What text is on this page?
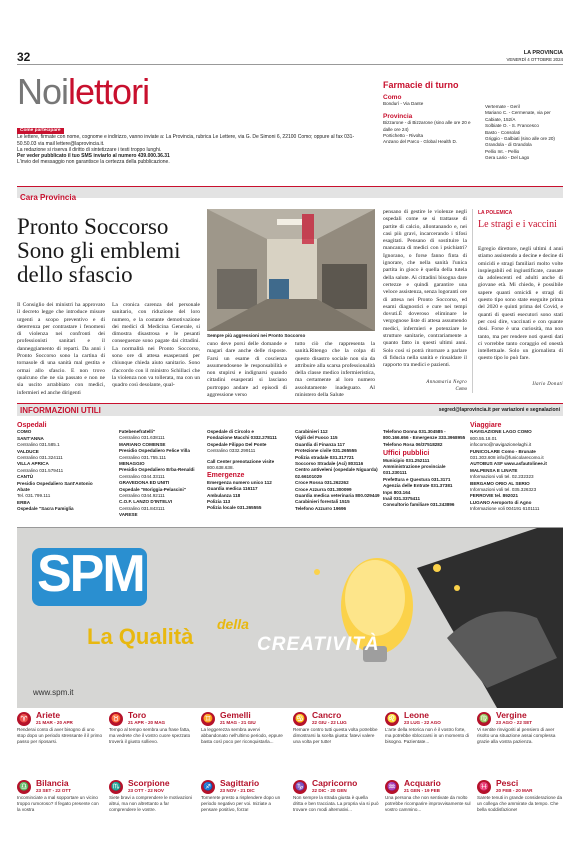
32	LA PROVINCIA
VENERDÌ 4 OTTOBRE 2024
Noilettori
Come partecipare
Le lettere, firmate con nome, cognome e indirizzo, vanno inviate a: La Provincia, rubrica Le Lettere, via G. De Simoni 6, 22100 Como; oppure al fax 031-50.50.03 via mail lettere@laprovincia.it.
La redazione si riserva il diritto di sintetizzare i testi troppo lunghi.
Per veder pubblicato il tuo SMS inviarlo al numero 439.000.36.31
L'invio del messaggio non garantisce la certezza della pubblicazione.
Farmacie di turno
Como
Bondurì - Via Dante
Provincia
Bizzarone - di Bizzarone (sino alle ore 20 e dalle ore 24)
Portichetto - Rivolta
Anzano del Parco - Global Health D.
Vertemate - Geril
Mariano C. - Cermenate, via per Cabiate, 152/A
Solbiate O. - S. Francesco
Basto - Consolati
Griggio - Galbiati (sino alle ore 20)
Grandola - di Grandola
Pellio Int. - Pellio
Gera Lario - Del Lago
Cara Provincia
Pronto Soccorso Sono gli emblemi dello sfascio
Sempre più aggressioni nei Pronto Soccorso

Il Consiglio dei ministri ha approvato il decreto legge che introduce misure urgenti a scopo preventivo e di deterrenza per contrastare i fenomeni di violenza nei confronti dei professionisti sanitari e il danneggiamento di reparti. Da anni i Pronto Soccorso sono la cartina di tornasole di una sanità mal gestita e ormai allo sfascio. E non trovo qualcuno che ne sia passato e non ne sia uscito arrabbiato con medici, infermieri ed anche dirigenti

La cronica carenza del personale sanitario, con riduzione del loro numero, e la costante demotivazione dei medici di Medicina Generale, si dimostra disastrosa e le pesanti conseguenze sono pagate dai cittadini. La normalità nei Pronto Soccorso, sono ore di attesa esasperanti per chiunque chieda aiuto sanitario. Sono d'accordo con il ministro Schillaci che la violenza non va tollerata, ma con un quadro così desolante, qual-

cuno deve porsi delle domande e magari dare anche delle risposte. Farsi un esame di coscienza assumendosene le responsabilità e non stupirsi e indignarsi quando cittadini esasperati si lasciano purtroppo andare ad episodi di aggressione verso

tutto ciò che rappresenta la sanità.Ritengo che la colpa di questo disastro sociale non sia da attribuire alla scarsa professionalità della classe medico infermieristica, ma certamente al loro numero assolutamente inadeguato. Al ministero della Salute

pensano di gestire le violenze negli ospedali come se si trattasse di partite di calcio, allontanando e, nei casi più gravi, incarcerando i tifosi esagitati. Pensano di sostituire la mancanza di medici con i psichiatri? Ignorano, o forse fanno finta di ignorare, che nella sanità l'unica partita in gioco è quella della tutela della salute. Ai cittadini bisogna dare certezze e quindi garantire una veloce assistenza, senza logoranti ore di attesa nei Pronto Soccorso, ed esami diagnostici e cure nei tempi dovuti.È doveroso eliminare le vergognose liste di attesa assumendo medici, infermieri e potenziare le strutture sanitarie, contrariamente a quanto fatto in questi ultimi anni. Solo così si potrà ritornare a parlare di fiducia nella sanità e rinsaldare il rapporto tra medici e pazienti.

Annamaria Negro
Como
LA POLEMICA
Le stragi e i vaccini

Egregio direttore, negli ultimi 4 anni stiamo assistendo a decine e decine di omicidi e stragi familiari molto volte inspiegabili ed ingiustificate, causate da adolescenti ed adulti anche di giovane età. Mi chiedo, è possibile sapere quanti omicidi e stragi di questo tipo sono state eseguite prima del 2020 e quinti prima del Covid, e quanti di questi esecutori sono stati per così dire, vaccinati e con quante dosi. Forse è una curiosità, ma non tanto, ma per rendere noti questi dati ci vorrebbe tanto coraggio ed onestà intellettuale. Solo un giornalista di questo tipo lo può fare.

Ilario Donati
INFORMAZIONI UTILI	segred@laprovincia.it per variazioni e segnalazioni
Ospedali
COMO
SANT'ANNA
Centralino 031.585.1
VALDUCE
Centralino 031.324111
VILLA APRICA
Centralino 031.579411
CANTÙ
Presidio Ospedaliero Sant'Antonio Abate
Tel. 031.799.111
ERBA
Ospedale "Sacra Famiglia
Fatebenefratelli"
Centralino 031.638111
MARIANO COMENSE
Presidio Ospedaliero Felice Villa
Centralino 031.755.111
MENAGGIO
Presidio Ospedaliero Erba-Renaldi
Centralino 0344.33111
GRAVEDONA ED UNITI
Ospedale "Moriggia-Pelascini"
Centralino 0344.92111
C.O.F. LANZO D'INTELVI
Centralino 031.843111
VARESE
Ospedale di Circolo e
Fondazione Macchi 0332.278111
Ospedale Filippo Del Ponte
Centralino 0332.299111
Call Center prenotazione visite
800.638.638.
Emergenze
Emergenza numero unico 112
Guardia medica 116117
Ambulanza 118
Polizia 113
Polizia locale 031.265555
Carabinieri 112
Vigili del Fuoco 115
Guardia di Finanza 117
Protezione civile 031.265555
Polizia stradale 031.317721
Soccorso Stradale (Aci) 803116
Centro antiveleni (ospedale Niguarda) 02.66101029
Croce Rossa 031.262262
Croce Azzurra 031.300099
Guardia medica veterinaria 800.029449
Carabinieri forestali 1515
Telefono Azzurro 19696
Telefono Donna 031.304585 - 800.166.656 - Emergenze 333.3968955
Telefono Rosa 06/37518282
Uffici pubblici
Municipio 031.252111
Amministrazione provinciale 031.230111
Prefettura e Questura 031.3171
Agenzia delle Entrate 031.37381
Inps 803.164
Inail 031.3375411
Consultorio familiare 031.243896
Viaggiare
NAVIGAZIONE LAGO COMO
800.55.18.01
infocomo@navigazionelaghi.it
FUNICOLARE Como - Brunate
031.303.608 info@funicolarecomo.it
AUTOBUS ASF www.asfautolinee.it
MALPENSA E LINATE
Informazioni voli tel. 02.232323
BERGAMO ORIO AL SERIO
Informazioni voli tel. 035.326323
FERROVIE tel. 892021
LUGANO Aeroporto di Agno
Informazione voli 004191 6101111
SPM
La Qualità della
CREATIVITÀ
www.spm.it
♈ Ariete
21 MAR - 20 APR
Renderai conto di aver bisogno di uno stop dopo un periodo stressante il il primo passo per riposarsi.
♉ Toro
21 APR - 20 MAG
Tempo al tempo sembra una frase fatta, ma vedrete che il vostro cuore spezzato troverà il giusto sollievo.
♊ Gemelli
21 MAG - 21 GIU
La leggerezza sembra avervi abbandonato nell'ultimo periodo, eppure basta così poco per riconquistarla...
♋ Cancro
22 GIU - 22 LUG
Remare contro tutti questa volta potrebbe dimostrarsi la scelta giusta: fatevi valere una volta per tutte!
♌ Leone
23 LUG - 22 AGO
L'arte della retorica non è il vostro forte, ma potrebbe sbloccarsi in un momento di bisogno. Pazientate...
♍ Vergine
23 AGO - 22 SET
Vi sentite rinvigoriti al pensiero di aver risolto una situazione assai complessa grazie alla vostra pazienza.
♎ Bilancia
23 SET - 22 OTT
Incominciate a mal sopportare un vicino troppo rumoroso? Il fegato presente con la vostra
♏ Scorpione
23 OTT - 22 NOV
Siete bravi a comprendere le motivazioni altrui, ma non altrettanto a far comprendere le vostre.
♐ Sagittario
23 NOV - 21 DIC
Tornerete presto a risplendere dopo un periodo negativo per voi. Iniziate a pensare positivo, forza!
♑ Capricorno
22 DIC - 20 GEN
Non sempre la strada giusta è quella dritta e ben tracciata. La propria via si può trovare con modi alternativi...
♒ Acquario
21 GEN - 19 FEB
Una persona che non sentivate da molto potrebbe ricomparire improvvisamente sul vostro cammino...
♓ Pesci
20 FEB - 20 MAR
Sarete tenuti in grande considerazione da un collega che ammirate da tempo. Che bella soddisfazione!
